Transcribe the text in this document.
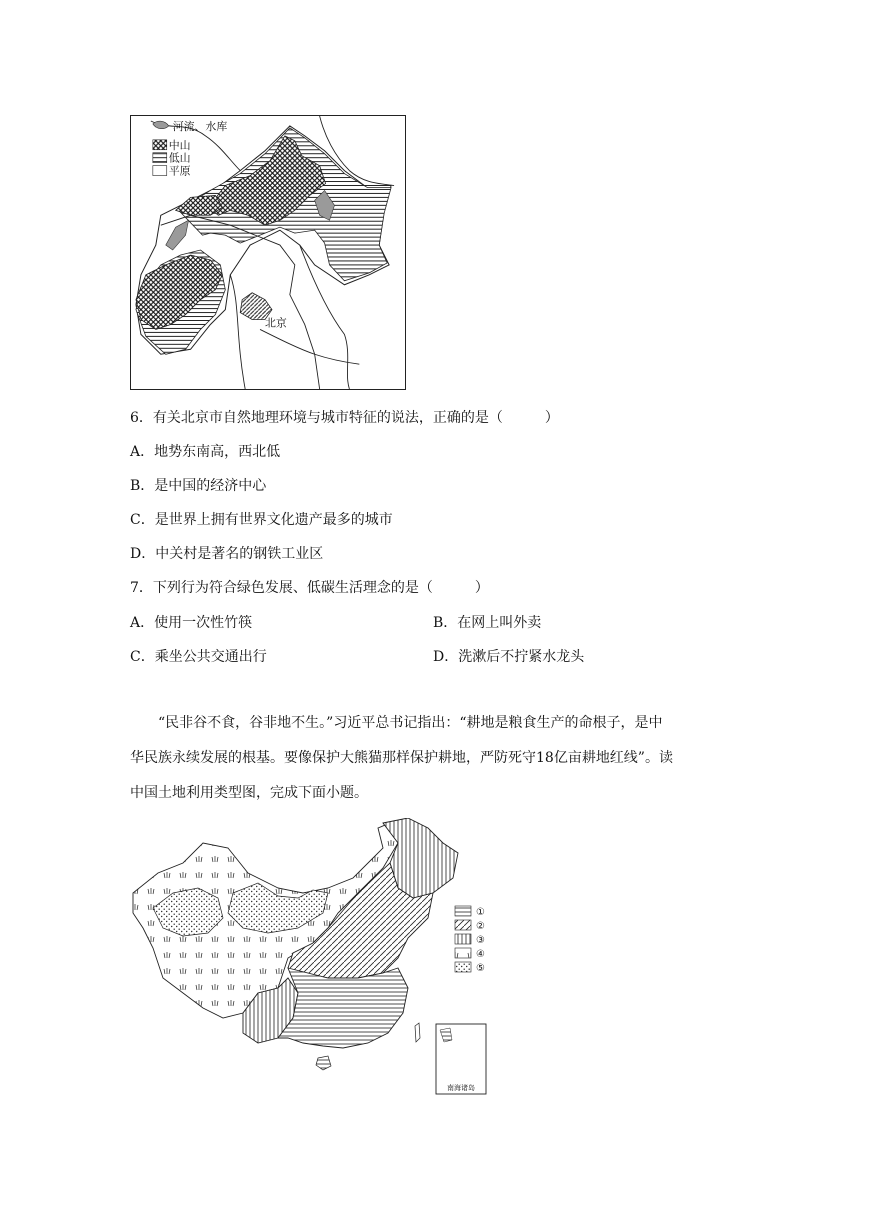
河流、水库
中山
低山
平原
北京
6．有关北京市自然地理环境与城市特征的说法，正确的是（　　　）
A．地势东南高，西北低
B．是中国的经济中心
C．是世界上拥有世界文化遗产最多的城市
D．中关村是著名的钢铁工业区
7．下列行为符合绿色发展、低碳生活理念的是（　　　）
A．使用一次性竹筷	B．在网上叫外卖
C．乘坐公共交通出行	D．洗漱后不拧紧水龙头

“民非谷不食，谷非地不生。”习近平总书记指出：“耕地是粮食生产的命根子，是中

华民族永续发展的根基。要像保护大熊猫那样保护耕地，严防死守18亿亩耕地红线”。读

中国土地利用类型图，完成下面小题。

南海诸岛
①
②
③
④
⑤
